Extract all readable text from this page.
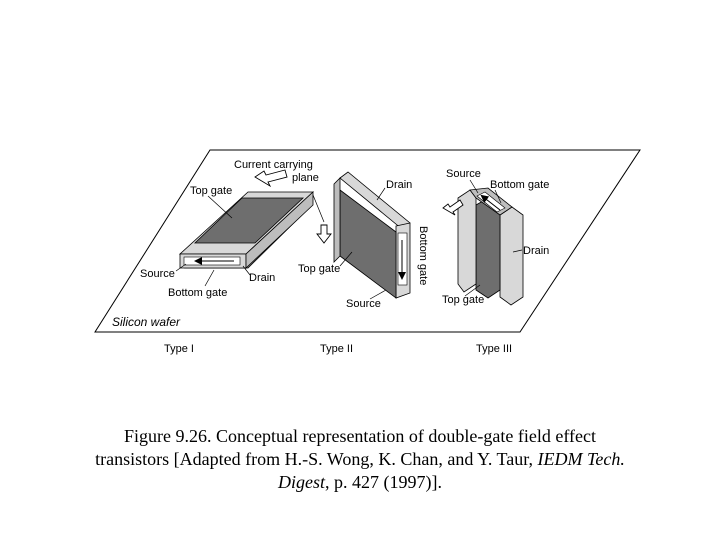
Silicon wafer
Top gate
Source	Drain
Bottom gate
Current carrying
plane
Drain
Top gate
Source
Bottom gate
Source
Bottom gate
Drain
Top gate
Type I	Type II	Type III
Figure 9.26. Conceptual representation of double-gate field effect
transistors [Adapted from H.-S. Wong, K. Chan, and Y. Taur, IEDM Tech.
Digest, p. 427 (1997)].
